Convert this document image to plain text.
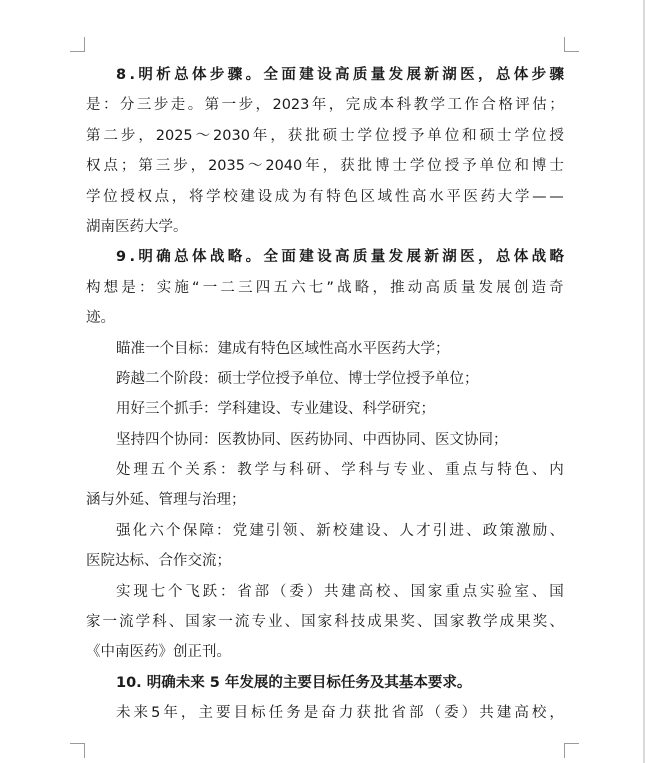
8 . 明 析 总 体 步 骤 。 全 面 建 设 高 质 量 发 展 新 湖 医 ， 总 体 步 骤
是 ： 分 三 步 走 。 第 一 步 ， 2023 年 ， 完 成 本 科 教 学 工 作 合 格 评 估 ；
第 二 步 ， 2025 ～ 2030 年 ， 获 批 硕 士 学 位 授 予 单 位 和 硕 士 学 位 授
权 点 ； 第 三 步 ， 2035 ～ 2040 年 ， 获 批 博 士 学 位 授 予 单 位 和 博 士
学 位 授 权 点 ， 将 学 校 建 设 成 为 有 特 色 区 域 性 高 水 平 医 药 大 学 — —
湖南医药大学。
9 . 明 确 总 体 战 略 。 全 面 建 设 高 质 量 发 展 新 湖 医 ， 总 体 战 略
构 想 是 ： 实 施 “ 一 二 三 四 五 六 七 ” 战 略 ， 推 动 高 质 量 发 展 创 造 奇
迹。
瞄准一个目标：建成有特色区域性高水平医药大学；
跨越二个阶段：硕士学位授予单位、博士学位授予单位；
用好三个抓手：学科建设、专业建设、科学研究；
坚持四个协同：医教协同、医药协同、中西协同、医文协同；
处 理 五 个 关 系 ： 教 学 与 科 研 、 学 科 与 专 业 、 重 点 与 特 色 、 内
涵与外延、管理与治理；
强 化 六 个 保 障 ： 党 建 引 领 、 新 校 建 设 、 人 才 引 进 、 政 策 激 励 、
医院达标、合作交流；
实 现 七 个 飞 跃 ： 省 部 （ 委 ） 共 建 高 校 、 国 家 重 点 实 验 室 、 国
家 一 流 学 科 、 国 家 一 流 专 业 、 国 家 科 技 成 果 奖 、 国 家 教 学 成 果 奖 、
《中南医药》创正刊。
10. 明确未来 5 年发展的主要目标任务及其基本要求。
未 来 5 年 ， 主 要 目 标 任 务 是 奋 力 获 批 省 部 （ 委 ） 共 建 高 校 ，
